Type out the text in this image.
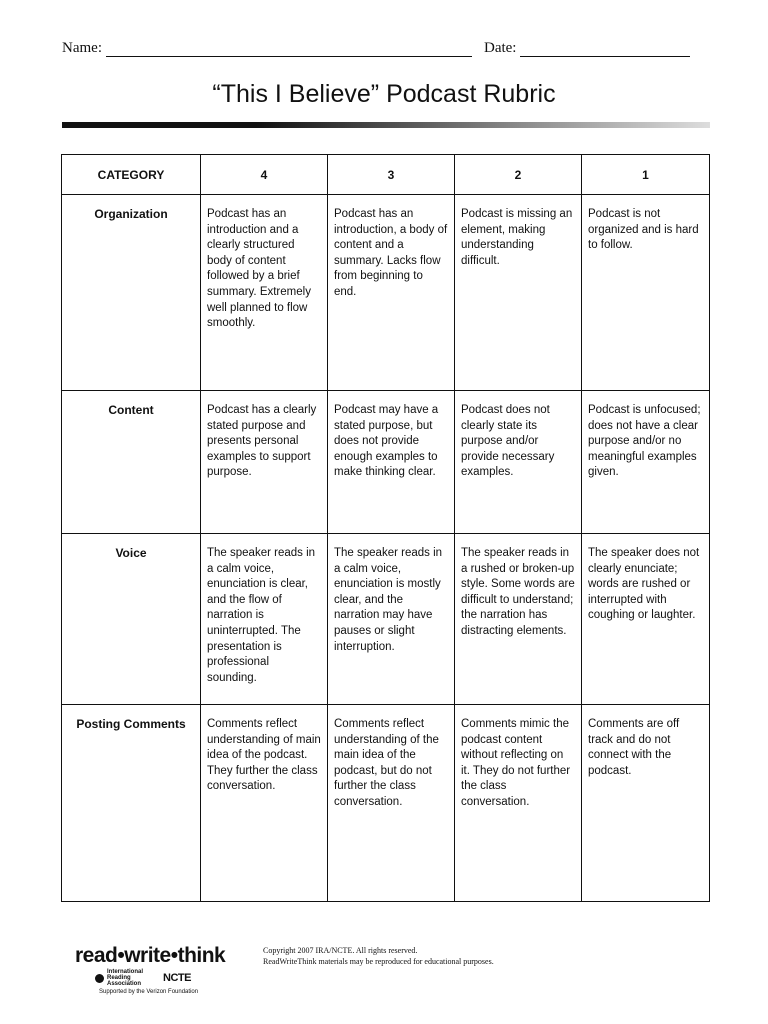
Name:	Date:
“This I Believe” Podcast Rubric
CATEGORY	4	3	2	1
Organization	Podcast has an introduction and a clearly structured body of content followed by a brief summary. Extremely well planned to flow smoothly.	Podcast has an introduction, a body of content and a summary. Lacks flow from beginning to end.	Podcast is missing an element, making understanding difficult.	Podcast is not organized and is hard to follow.
Content	Podcast has a clearly stated purpose and presents personal examples to support purpose.	Podcast may have a stated purpose, but does not provide enough examples to make thinking clear.	Podcast does not clearly state its purpose and/or provide necessary examples.	Podcast is unfocused; does not have a clear purpose and/or no meaningful examples given.
Voice	The speaker reads in a calm voice, enunciation is clear, and the flow of narration is uninterrupted. The presentation is professional sounding.	The speaker reads in a calm voice, enunciation is mostly clear, and the narration may have pauses or slight interruption.	The speaker reads in a rushed or broken-up style. Some words are difficult to understand; the narration has distracting elements.	The speaker does not clearly enunciate; words are rushed or interrupted with coughing or laughter.
Posting Comments	Comments reflect understanding of main idea of the podcast. They further the class conversation.	Comments reflect understanding of the main idea of the podcast, but do not further the class conversation.	Comments mimic the podcast content without reflecting on it. They do not further the class conversation.	Comments are off track and do not connect with the podcast.
read•write•think
International Reading Association	NCTE
Supported by the Verizon Foundation
Copyright 2007 IRA/NCTE. All rights reserved.
ReadWriteThink materials may be reproduced for educational purposes.
